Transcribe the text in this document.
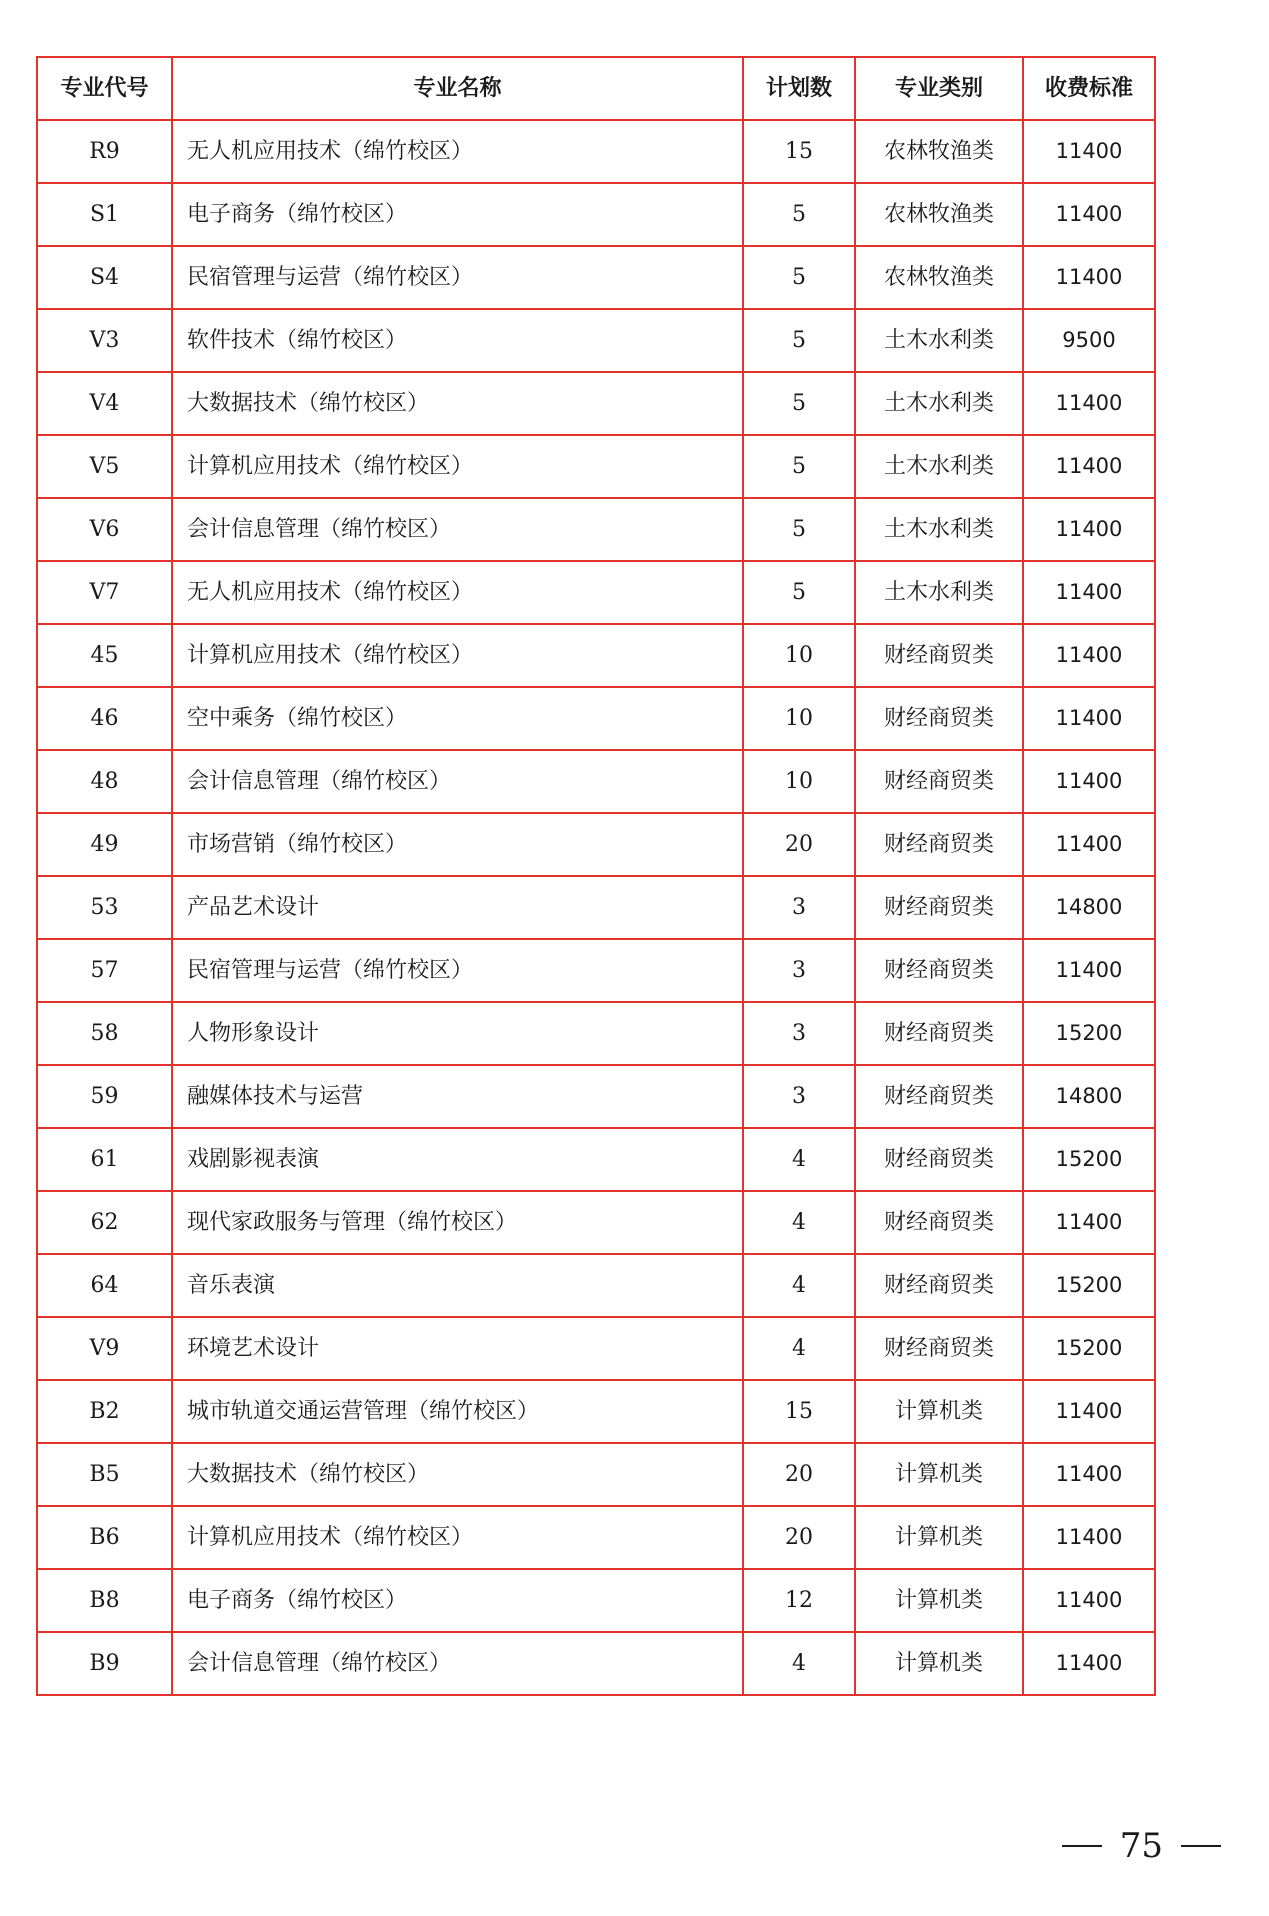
专业代号	专业名称	计划数	专业类别	收费标准
R9	无人机应用技术（绵竹校区）	15	农林牧渔类	11400
S1	电子商务（绵竹校区）	5	农林牧渔类	11400
S4	民宿管理与运营（绵竹校区）	5	农林牧渔类	11400
V3	软件技术（绵竹校区）	5	土木水利类	9500
V4	大数据技术（绵竹校区）	5	土木水利类	11400
V5	计算机应用技术（绵竹校区）	5	土木水利类	11400
V6	会计信息管理（绵竹校区）	5	土木水利类	11400
V7	无人机应用技术（绵竹校区）	5	土木水利类	11400
45	计算机应用技术（绵竹校区）	10	财经商贸类	11400
46	空中乘务（绵竹校区）	10	财经商贸类	11400
48	会计信息管理（绵竹校区）	10	财经商贸类	11400
49	市场营销（绵竹校区）	20	财经商贸类	11400
53	产品艺术设计	3	财经商贸类	14800
57	民宿管理与运营（绵竹校区）	3	财经商贸类	11400
58	人物形象设计	3	财经商贸类	15200
59	融媒体技术与运营	3	财经商贸类	14800
61	戏剧影视表演	4	财经商贸类	15200
62	现代家政服务与管理（绵竹校区）	4	财经商贸类	11400
64	音乐表演	4	财经商贸类	15200
V9	环境艺术设计	4	财经商贸类	15200
B2	城市轨道交通运营管理（绵竹校区）	15	计算机类	11400
B5	大数据技术（绵竹校区）	20	计算机类	11400
B6	计算机应用技术（绵竹校区）	20	计算机类	11400
B8	电子商务（绵竹校区）	12	计算机类	11400
B9	会计信息管理（绵竹校区）	4	计算机类	11400
75
